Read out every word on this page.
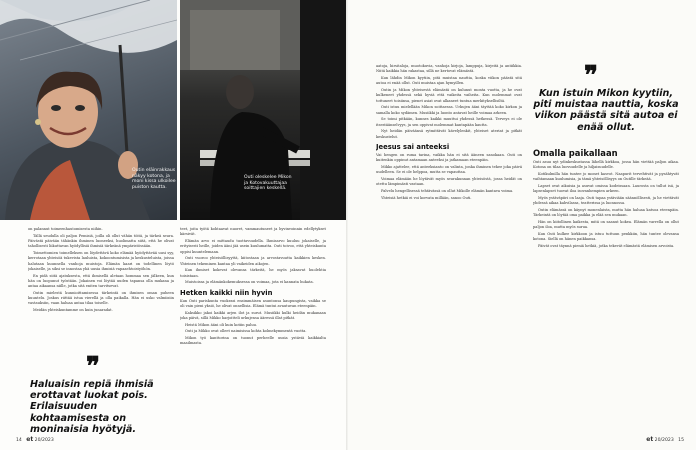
Outin eläinrakkaus näkyy kotona, ja moni kissa ulkoilee puiston kautta.
Outi oleskelee Mikon ja Kotovakuuttajaa soittajien keskellä.

on palannut toimeenhautomisesta niihin.

Tällä seudulla oli paljon Pemisiä, joilla oli ollut vähän töitä, ja tärkeä seura. Päivästä päivään tähänkin ihminen luoneeksi, huolimatta siitä, että he olivat tahollisesti liikuttavan hyödyllisiä ihmisiä tärkeänä ympäristössään.

Toimettomien toimelleksen on löydettävä koko elämää hyödyttävää uusi syy, kerrotaan yhteisöä tukevista lauluista, kokoontumisista ja keskusteluista, joissa halutaan kuunnella vanhoja muistoja. Elämän kaari on todellinen löytö jokaiselle, ja siksi se innostaa yhä uusia ihmisiä vapaaehtoistyöhön.

En pidä siitä ajatuksesta, että ihmisellä aletaan hommaa sen jälkeen, kun hän on luopunut työstään. Jokainen voi löytää uuden tapansa olla mukana ja antaa aikaansa niille, jotka sitä eniten tarvitsevat.

Outin mielestä kunnioittamisessa tärkeintä on ihmisen oman puheen kuuntelu. Joskus riittää istua vierellä ja olla paikalla. Hän ei usko valmiisiin vastauksiin, vaan haluaa antaa tilaa toiselle.

Meidän yhteiskuntamme on kuin junaradat.

❞
Haluaisin repiä ihmisiä erottavat luokat pois. Erilaisuuden kohtaamisesta on moninaisia hyötyjä.

teet, joita työtä kohtaavat nuoret, vammautuneet ja hyvinvoinnin edellytykset kärsivät.

Elämän arvo ei mittaudu tuottavuudella. Ihmisarvo kuuluu jokaiselle, ja erityisesti heille, joiden ääni jää usein kuulumatta. Outi toivoo, että yhteiskunta oppisi kuuntelemaan.

Outi vuoroo yhteisöllisyyttä, kiitostaan ja arvostavuutta kaikkien kesken. Yhteinen tekeminen kantaa yli vaikeiden aikojen.

Kun ihmiset kokevat olevansa tärkeitä, he myös jaksavat huolehtia toisistaan.

Muistoissa ja elämänkokemuksessa on voimaa, jota ei kannata hukata.

Hetken kaikki niin hyvin

Kun Outi pariskunta vuokrasi ensimmäisen asuntonsa kaupungista, vaikka se oli vain pieni yksiö, he olivat onnellisia. Elämä tuntui avautuvan eteenpäin.

Kaksikko jakoi kaikki arjen ilot ja surut. Musiikki kulki heidän mukanaan joka päivä, sillä Mikko harjoitteli urkujensa ääressä illat pitkät.

Heistä Mikon ääni oli kuin kotiin paluu.

Outi ja Mikko ovat olleet naimisissa kohta kolmekymmentä vuotta.

Mikon työ kanttorina on tuonut perheelle uusia ystäviä kaikkialta maailmasta.

14 et 20/2023

aatoja, hirsitaloja, muotokuvia, vanhoja kirjoja, lamppuja, kirjeitä ja antiikkia. Niitä kaikkia hän rakastaa, sillä ne kertovat elämästä.

Kun lähdin Mikon kyytiin, pitä muistaa nauttia, koska viikon päästä sitä autoa ei enää ollut. Outi muistaa ajan hymyillen.

Outin ja Mikon yhteisestä elämästä on kulunut monta vuotta, ja he ovat kulkeneet yhdessä sekä hyviä että vaikeita vaiheita. Kun molemmat ovat tottuneet toisiinsa, pienet asiat ovat alkaneet tuntua merkityksellisiltä.

Outi istuu mielellään Mikon soittaessa. Urkujen ääni täyttää koko kirkon ja samalla koko sydämen. Musiikki ja luonto antavat heille voimaa arkeen.

Se toimi pitkään, kunnes kaikki muuttui yhdessä hetkessä. Terveys ei ole itsestäänselvyys, ja sen oppivat molemmat kantapään kautta.

Nyt heidän päiväänsä rytmittävät kävelylenkit, yhteiset ateriat ja pitkät keskustelut.

Jeesus sai anteeksi

Vai hengen on ruma tarina, vaikka hän ei sitä ääneen sanokaan. Outi on kuitenkin oppinut antamaan anteeksi ja jatkamaan eteenpäin.

Mikko ajattelee, että anteeksianto on valinta, jonka ihminen tekee joka päivä uudelleen. Se ei ole helppoa, mutta se vapauttaa.

Voimaa elämään he löytävät myös seurakunnan yhteisöstä, jossa heidät on otettu lämpimästi vastaan.

Palvelu hengellisessä tehtävässä on ollut Mikolle elämän kantava voima.

Yhteisiä hetkiä ei voi korvata millään, sanoo Outi.

❞
Kun istuin Mikon kyytiin, piti muistaa nauttia, koska viikon päästä sitä autoa ei enää ollut.
Omalla paikallaan

Outi asuu nyt ydinkeskustassa lähellä kirkkoa, jossa hän viettää paljon aikaa. Kotona on tilaa luovuudelle ja hiljaisuudelle.

Kotikulmilla hän tuntee jo monet kasvot. Naapurit tervehtivät ja pysähtyvät vaihtamaan kuulumisia, ja tämä yhteisöllisyys on Outille tärkeää.

Lapset ovat aikuisia ja asuvat omissa kodeissaan. Laurosta on tullut isä, ja lapsenlapset tuovat iloa isovanhempien arkeen.

Myös ystäväpiiri on laaja. Outi tapaa ystäviään säännöllisesti, ja he viettävät yhdessä aikaa kahvilassa, teatterissa ja luonnossa.

Outin elämässä on käynyt monenlaista, mutta hän haluaa katsoa eteenpäin. Tärkeintä on löytää oma paikka ja elää sen mukaan.

Hän on kiitollinen kaikesta, mitä on saanut kokea. Elämän varrella on ollut paljon iloa, mutta myös surua.

Kun Outi kulkee kirkkoon ja istuu tuttuun penkkiin, hän tuntee olevansa kotona. Siellä on hänen paikkansa.

Päivät ovat täynnä pieniä hetkiä, jotka tekevät elämästä elämisen arvoista.

et 20/2023 15
